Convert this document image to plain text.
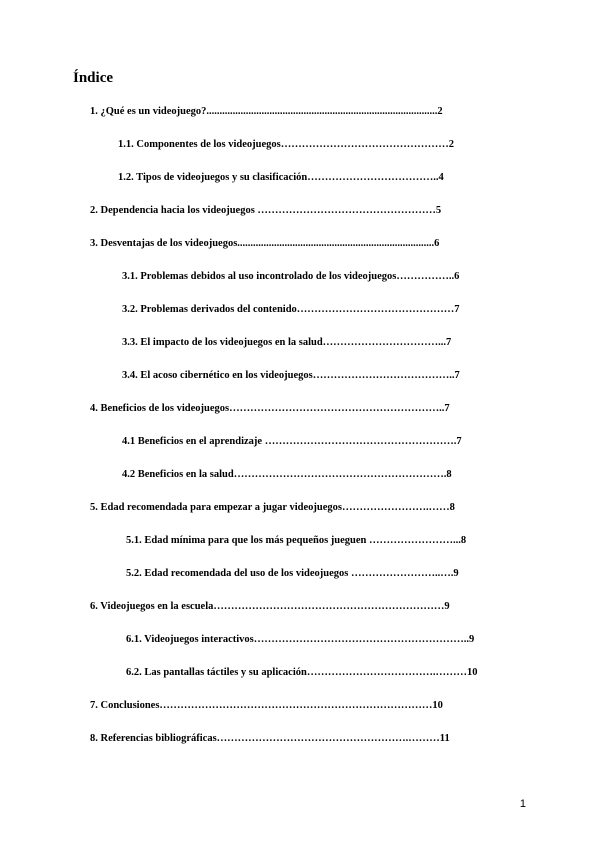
Índice
1. ¿Qué es un videojuego?........................................................................................2
1.1. Componentes de los videojuegos…………………………………………2
1.2. Tipos de videojuegos y su clasificación………………………………..4
2. Dependencia hacia los videojuegos ……………………………………………5
3. Desventajas de los videojuegos...........................................................................6
3.1. Problemas debidos al uso incontrolado de los videojuegos……………..6
3.2. Problemas derivados del contenido………………………………………7
3.3. El impacto de los videojuegos en la salud……………………………...7
3.4. El acoso cibernético en los videojuegos…………………………………..7
4. Beneficios de los videojuegos……………………………………………………..7
4.1 Beneficios en el aprendizaje ……………………………………………….7
4.2 Beneficios en la salud…………………………………………………….8
5. Edad recomendada para empezar a jugar videojuegos…………………….……8
5.1. Edad mínima para que los más pequeños jueguen ……………………...8
5.2. Edad recomendada del uso de los videojuegos ……………………..….9
6. Videojuegos en la escuela…………………………………………………………9
6.1. Videojuegos interactivos……………………………………………………..9
6.2. Las pantallas táctiles y su aplicación……………………………….………10
7. Conclusiones……………………………………………………………………10
8. Referencias bibliográficas……………………………………………….………11
1
